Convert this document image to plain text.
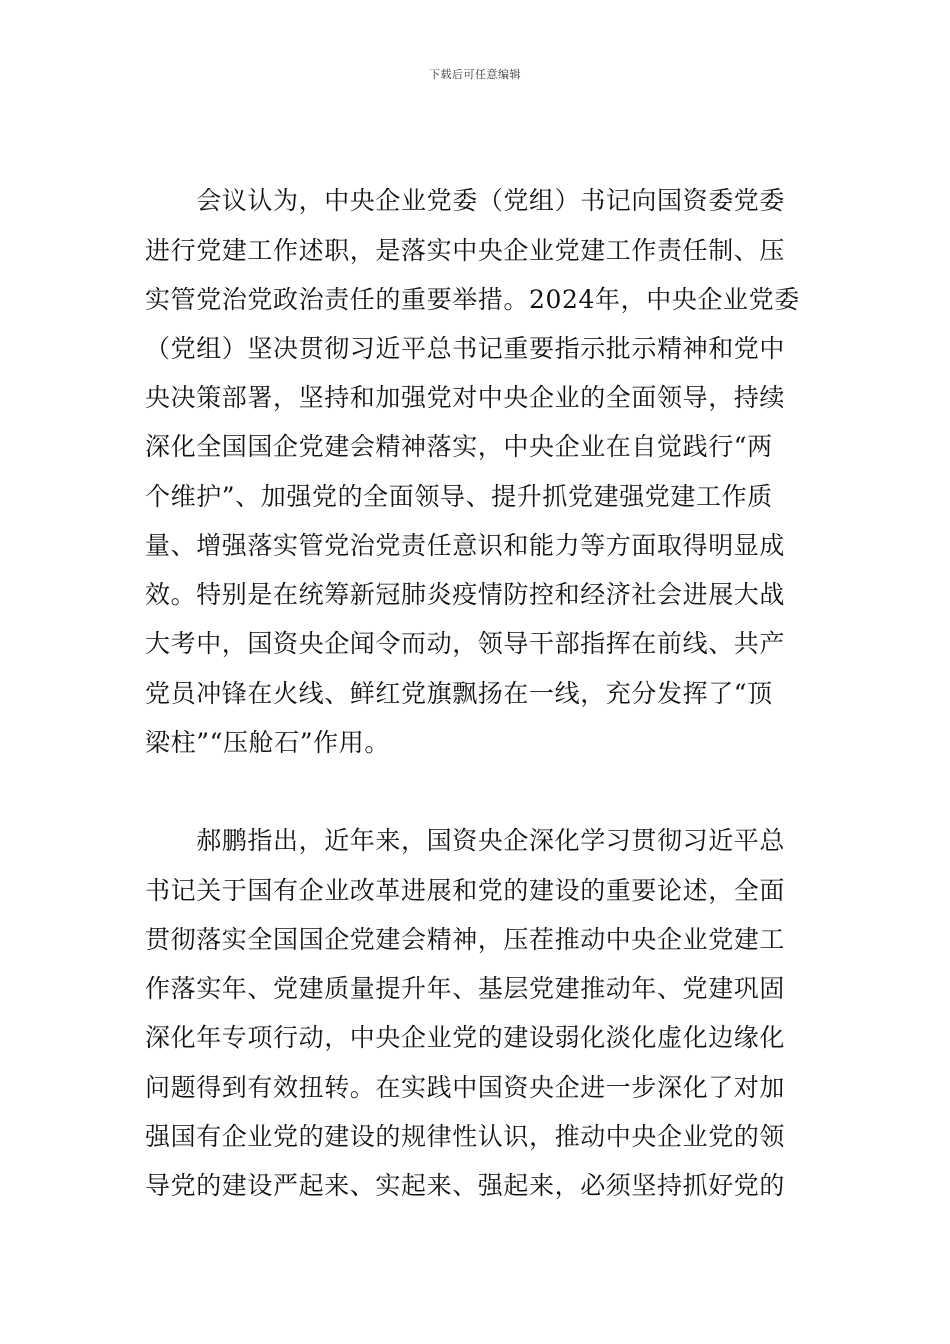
下载后可任意编辑
　　会议认为，中央企业党委（党组）书记向国资委党委
进行党建工作述职，是落实中央企业党建工作责任制、压
实管党治党政治责任的重要举措。2024年，中央企业党委
（党组）坚决贯彻习近平总书记重要指示批示精神和党中
央决策部署，坚持和加强党对中央企业的全面领导，持续
深化全国国企党建会精神落实，中央企业在自觉践行“两
个维护”、加强党的全面领导、提升抓党建强党建工作质
量、增强落实管党治党责任意识和能力等方面取得明显成
效。特别是在统筹新冠肺炎疫情防控和经济社会进展大战
大考中，国资央企闻令而动，领导干部指挥在前线、共产
党员冲锋在火线、鲜红党旗飘扬在一线，充分发挥了“顶
梁柱”“压舱石”作用。
　　郝鹏指出，近年来，国资央企深化学习贯彻习近平总
书记关于国有企业改革进展和党的建设的重要论述，全面
贯彻落实全国国企党建会精神，压茬推动中央企业党建工
作落实年、党建质量提升年、基层党建推动年、党建巩固
深化年专项行动，中央企业党的建设弱化淡化虚化边缘化
问题得到有效扭转。在实践中国资央企进一步深化了对加
强国有企业党的建设的规律性认识，推动中央企业党的领
导党的建设严起来、实起来、强起来，必须坚持抓好党的
